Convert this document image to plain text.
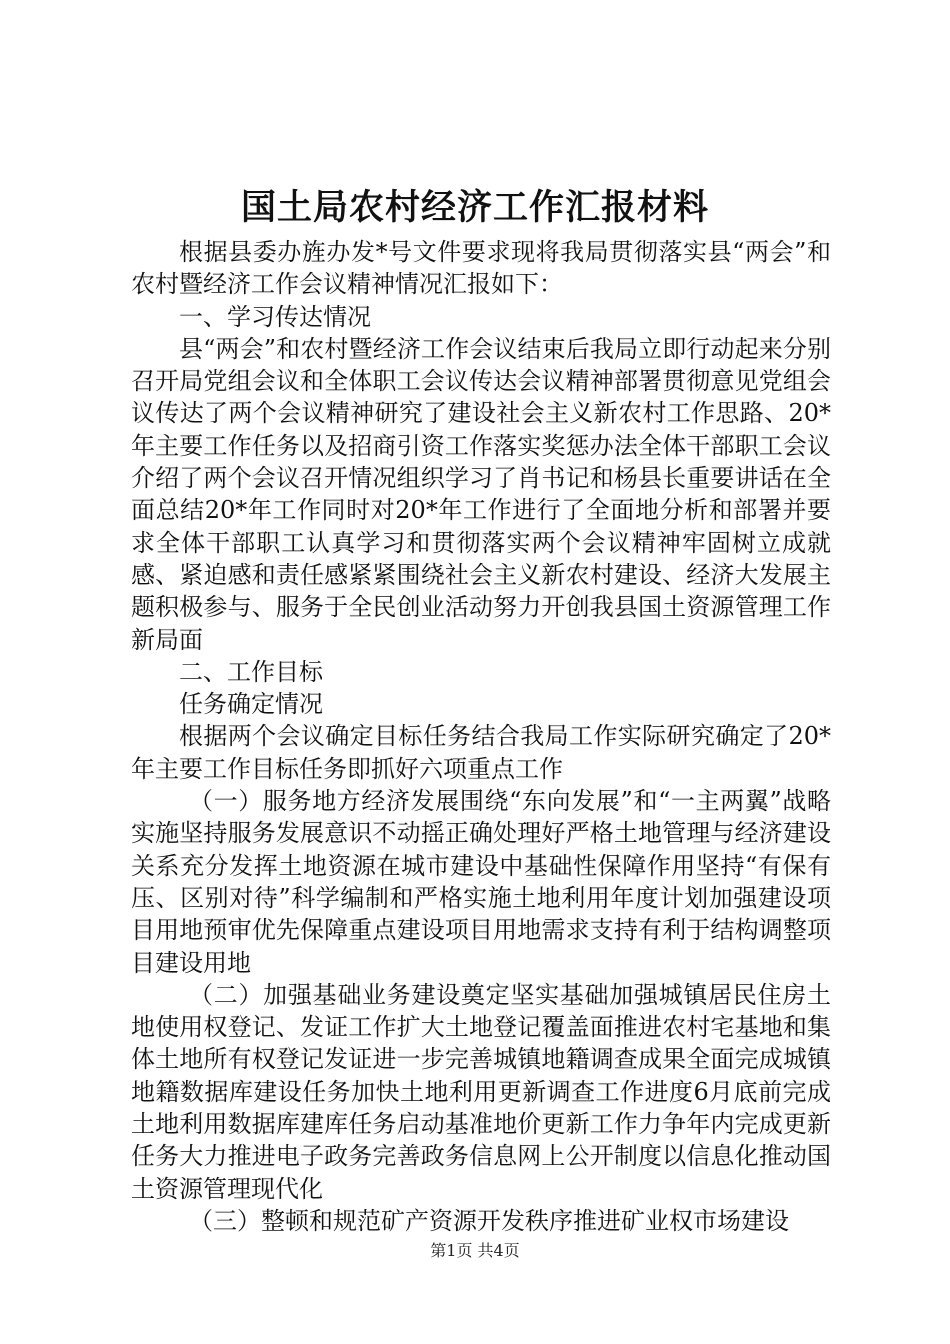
国土局农村经济工作汇报材料

根据县委办旌办发*号文件要求现将我局贯彻落实县“两会”和农村暨经济工作会议精神情况汇报如下：

一、学习传达情况

县“两会”和农村暨经济工作会议结束后我局立即行动起来分别召开局党组会议和全体职工会议传达会议精神部署贯彻意见党组会议传达了两个会议精神研究了建设社会主义新农村工作思路、20*年主要工作任务以及招商引资工作落实奖惩办法全体干部职工会议介绍了两个会议召开情况组织学习了肖书记和杨县长重要讲话在全面总结20*年工作同时对20*年工作进行了全面地分析和部署并要求全体干部职工认真学习和贯彻落实两个会议精神牢固树立成就感、紧迫感和责任感紧紧围绕社会主义新农村建设、经济大发展主题积极参与、服务于全民创业活动努力开创我县国土资源管理工作新局面

二、工作目标

任务确定情况

根据两个会议确定目标任务结合我局工作实际研究确定了20*年主要工作目标任务即抓好六项重点工作

（一）服务地方经济发展围绕“东向发展”和“一主两翼”战略实施坚持服务发展意识不动摇正确处理好严格土地管理与经济建设关系充分发挥土地资源在城市建设中基础性保障作用坚持“有保有压、区别对待”科学编制和严格实施土地利用年度计划加强建设项目用地预审优先保障重点建设项目用地需求支持有利于结构调整项目建设用地

（二）加强基础业务建设奠定坚实基础加强城镇居民住房土地使用权登记、发证工作扩大土地登记覆盖面推进农村宅基地和集体土地所有权登记发证进一步完善城镇地籍调查成果全面完成城镇地籍数据库建设任务加快土地利用更新调查工作进度6月底前完成土地利用数据库建库任务启动基准地价更新工作力争年内完成更新任务大力推进电子政务完善政务信息网上公开制度以信息化推动国土资源管理现代化

（三）整顿和规范矿产资源开发秩序推进矿业权市场建设

第1页 共4页
